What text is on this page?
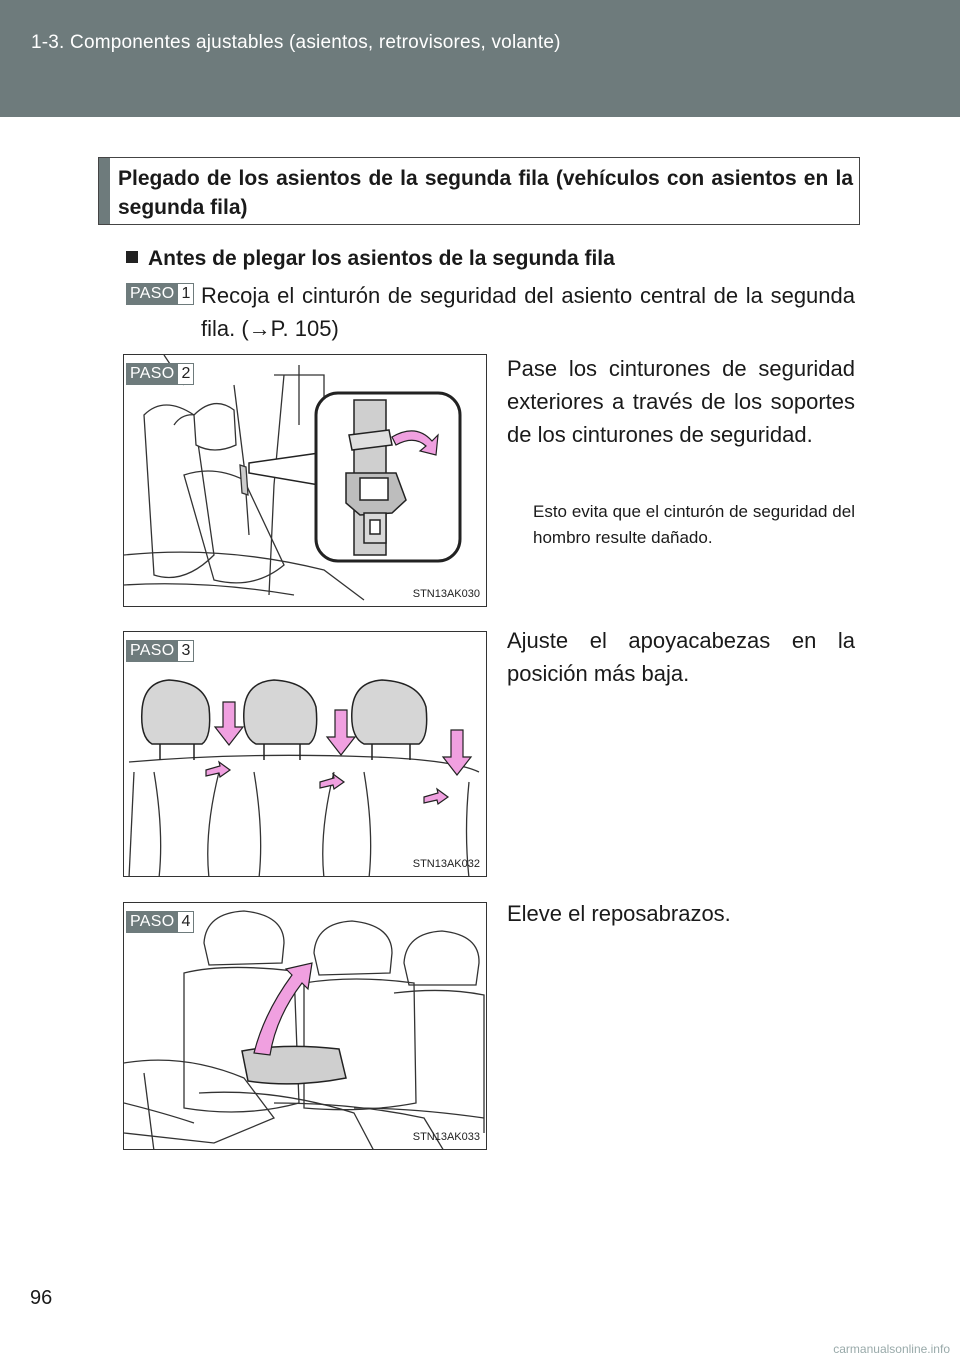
1-3. Componentes ajustables (asientos, retrovisores, volante)
Plegado de los asientos de la segunda fila (vehículos con asientos en la segunda fila)
Antes de plegar los asientos de la segunda fila
PASO 1 Recoja el cinturón de seguridad del asiento central de la segunda fila. (→P. 105)
PASO 2
STN13AK030
Pase los cinturones de seguridad exteriores a través de los soportes de los cinturones de seguridad.
Esto evita que el cinturón de seguridad del hombro resulte dañado.
PASO 3
STN13AK032
Ajuste el apoyacabezas en la posición más baja.
PASO 4
STN13AK033
Eleve el reposabrazos.
96
carmanualsonline.info
